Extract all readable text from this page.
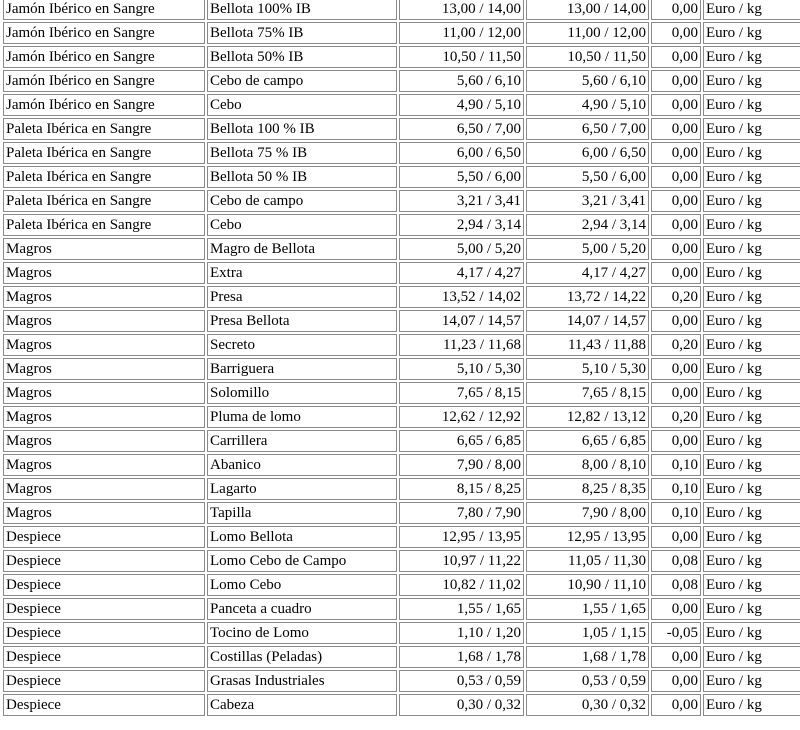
Jamón Ibérico en Sangre	Bellota 100% IB	13,00 / 14,00	13,00 / 14,00	0,00	Euro / kg	
Jamón Ibérico en Sangre	Bellota 75% IB	11,00 / 12,00	11,00 / 12,00	0,00	Euro / kg	
Jamón Ibérico en Sangre	Bellota 50% IB	10,50 / 11,50	10,50 / 11,50	0,00	Euro / kg	
Jamón Ibérico en Sangre	Cebo de campo	5,60 / 6,10	5,60 / 6,10	0,00	Euro / kg	
Jamón Ibérico en Sangre	Cebo	4,90 / 5,10	4,90 / 5,10	0,00	Euro / kg	
Paleta Ibérica en Sangre	Bellota 100 % IB	6,50 / 7,00	6,50 / 7,00	0,00	Euro / kg	
Paleta Ibérica en Sangre	Bellota 75 % IB	6,00 / 6,50	6,00 / 6,50	0,00	Euro / kg	
Paleta Ibérica en Sangre	Bellota 50 % IB	5,50 / 6,00	5,50 / 6,00	0,00	Euro / kg	
Paleta Ibérica en Sangre	Cebo de campo	3,21 / 3,41	3,21 / 3,41	0,00	Euro / kg	
Paleta Ibérica en Sangre	Cebo	2,94 / 3,14	2,94 / 3,14	0,00	Euro / kg	
Magros	Magro de Bellota	5,00 / 5,20	5,00 / 5,20	0,00	Euro / kg	
Magros	Extra	4,17 / 4,27	4,17 / 4,27	0,00	Euro / kg	
Magros	Presa	13,52 / 14,02	13,72 / 14,22	0,20	Euro / kg	
Magros	Presa Bellota	14,07 / 14,57	14,07 / 14,57	0,00	Euro / kg	
Magros	Secreto	11,23 / 11,68	11,43 / 11,88	0,20	Euro / kg	
Magros	Barriguera	5,10 / 5,30	5,10 / 5,30	0,00	Euro / kg	
Magros	Solomillo	7,65 / 8,15	7,65 / 8,15	0,00	Euro / kg	
Magros	Pluma de lomo	12,62 / 12,92	12,82 / 13,12	0,20	Euro / kg	
Magros	Carrillera	6,65 / 6,85	6,65 / 6,85	0,00	Euro / kg	
Magros	Abanico	7,90 / 8,00	8,00 / 8,10	0,10	Euro / kg	
Magros	Lagarto	8,15 / 8,25	8,25 / 8,35	0,10	Euro / kg	
Magros	Tapilla	7,80 / 7,90	7,90 / 8,00	0,10	Euro / kg	
Despiece	Lomo Bellota	12,95 / 13,95	12,95 / 13,95	0,00	Euro / kg	
Despiece	Lomo Cebo de Campo	10,97 / 11,22	11,05 / 11,30	0,08	Euro / kg	
Despiece	Lomo Cebo	10,82 / 11,02	10,90 / 11,10	0,08	Euro / kg	
Despiece	Panceta a cuadro	1,55 / 1,65	1,55 / 1,65	0,00	Euro / kg	
Despiece	Tocino de Lomo	1,10 / 1,20	1,05 / 1,15	-0,05	Euro / kg	
Despiece	Costillas (Peladas)	1,68 / 1,78	1,68 / 1,78	0,00	Euro / kg	
Despiece	Grasas Industriales	0,53 / 0,59	0,53 / 0,59	0,00	Euro / kg	
Despiece	Cabeza	0,30 / 0,32	0,30 / 0,32	0,00	Euro / kg	
